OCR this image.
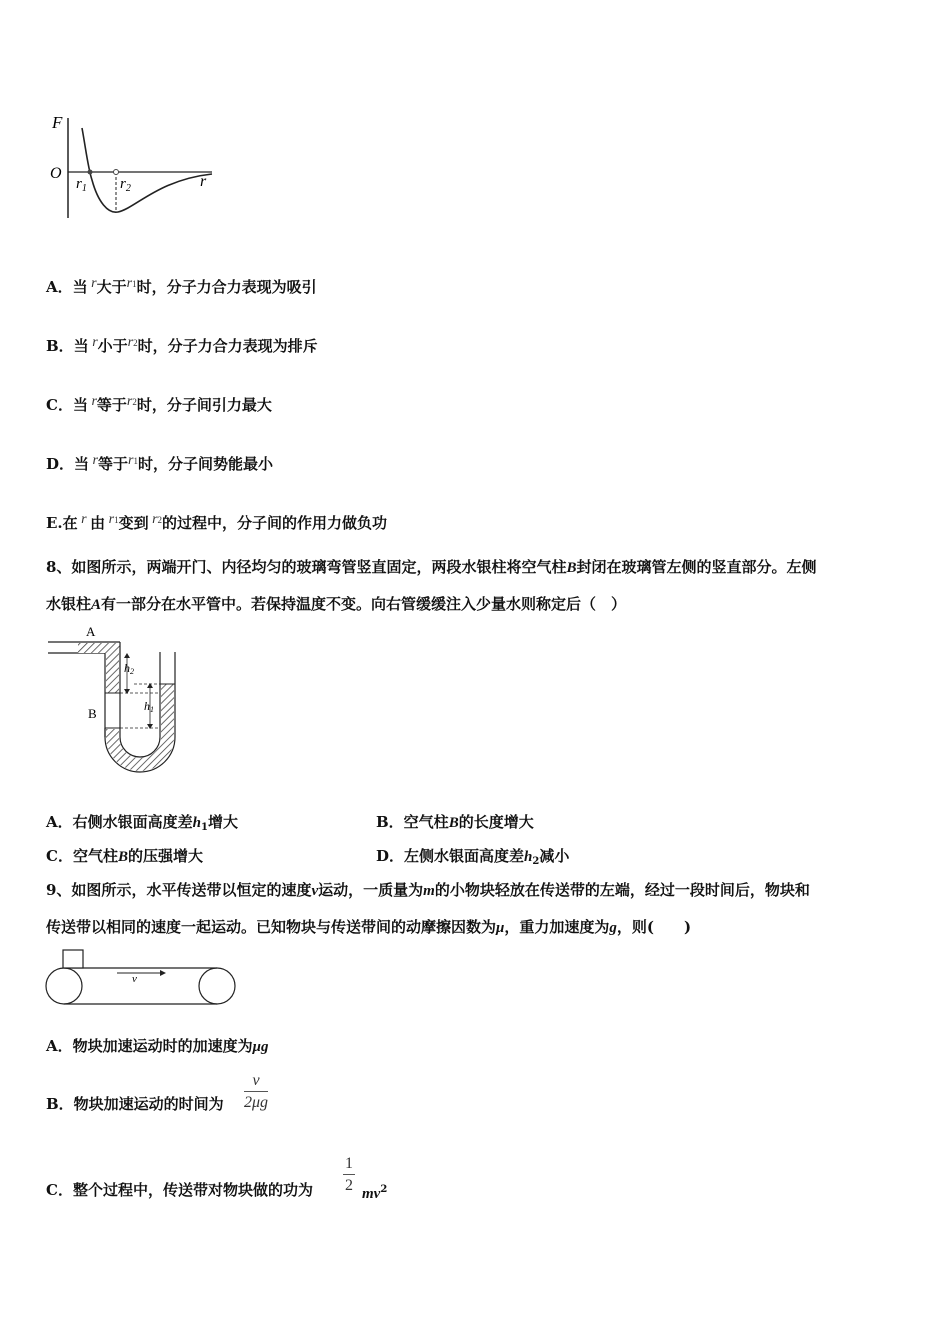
F
O
$r_1$ $r_2$	r
A．当 r大于r1时，分子力合力表现为吸引
B．当 r小于r2时，分子力合力表现为排斥
C．当 r等于r2时，分子间引力最大
D．当 r等于r1时，分子间势能最小
E.在 r 由 r1变到 r2的过程中，分子间的作用力做负功
8、如图所示，两端开门、内径均匀的玻璃弯管竖直固定，两段水银柱将空气柱B封闭在玻璃管左侧的竖直部分。左侧
水银柱A有一部分在水平管中。若保持温度不变。向右管缓缓注入少量水则称定后（　）
A
B
h2
h1
A．右侧水银面高度差$h_1$增大	B．空气柱B的长度增大
C．空气柱B的压强增大	D．左侧水银面高度差$h_2$减小
9、如图所示，水平传送带以恒定的速度v运动，一质量为m的小物块轻放在传送带的左端，经过一段时间后，物块和
传送带以相同的速度一起运动。已知物块与传送带间的动摩擦因数为μ，重力加速度为g，则(　　)
v
A．物块加速运动时的加速度为μg
B．物块加速运动的时间为 $\frac{v}{2\mu g}$
C．整个过程中，传送带对物块做的功为 $\frac{1}{2} mv^2$
